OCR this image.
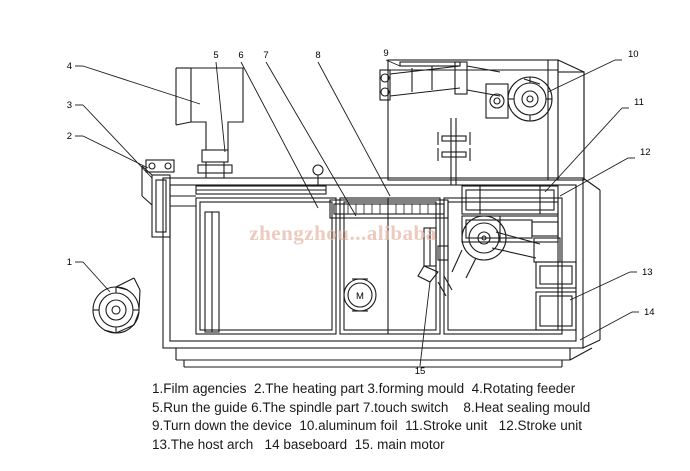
M
4
3
2
1
5 6 7	8	9	10
11
12
13
14
15
zhengzhou...alibaba
1.Film agencies  2.The heating part 3.forming mould  4.Rotating feeder
5.Run the guide 6.The spindle part 7.touch switch    8.Heat sealing mould
9.Turn down the device  10.aluminum foil  11.Stroke unit   12.Stroke unit
13.The host arch   14 baseboard  15. main motor
